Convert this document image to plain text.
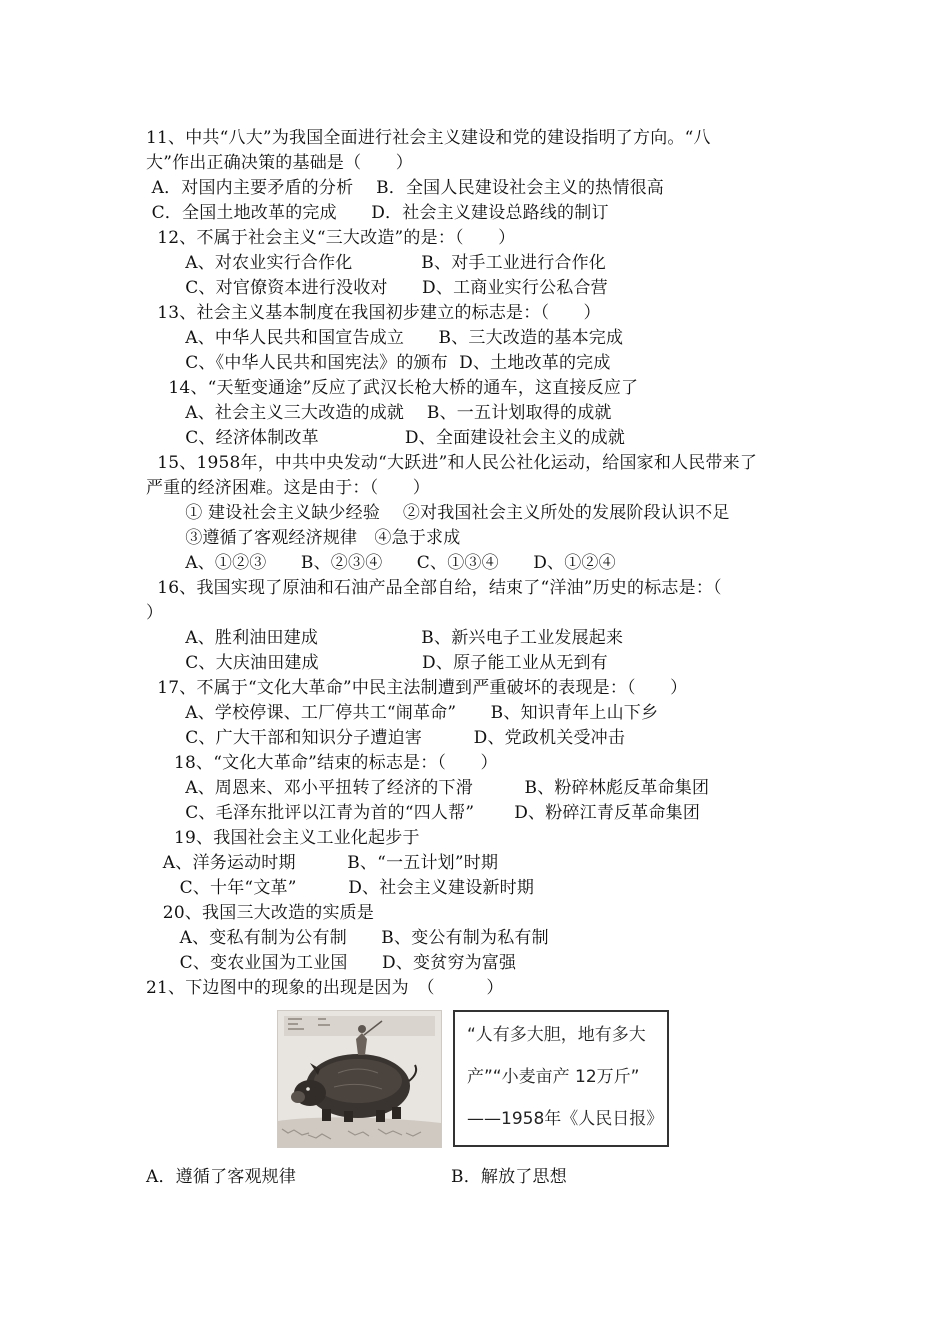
11、中共“八大”为我国全面进行社会主义建设和党的建设指明了方向。“八
大”作出正确决策的基础是（　　）
A．对国内主要矛盾的分析　 B．全国人民建设社会主义的热情很高
C．全国土地改革的完成　　D．社会主义建设总路线的制订
12、不属于社会主义“三大改造”的是：（　　）
A、对农业实行合作化　　　　B、对手工业进行合作化
C、对官僚资本进行没收对　　D、工商业实行公私合营
13、社会主义基本制度在我国初步建立的标志是：（　　）
A、中华人民共和国宣告成立　　B、三大改造的基本完成
C、《中华人民共和国宪法》的颁布  D、土地改革的完成
14、“天堑变通途”反应了武汉长枪大桥的通车，这直接反应了
A、社会主义三大改造的成就　 B、一五计划取得的成就
C、经济体制改革　　　　　D、全面建设社会主义的成就
15、1958年，中共中央发动“大跃进”和人民公社化运动，给国家和人民带来了
严重的经济困难。这是由于：（　　）
① 建设社会主义缺少经验　 ②对我国社会主义所处的发展阶段认识不足
③遵循了客观经济规律　④急于求成
A、①②③　　B、②③④　　C、①③④　　D、①②④
16、我国实现了原油和石油产品全部自给，结束了“洋油”历史的标志是：（
）
A、胜利油田建成　　　　　　B、新兴电子工业发展起来
C、大庆油田建成　　　　　　D、原子能工业从无到有
17、不属于“文化大革命”中民主法制遭到严重破坏的表现是：（　　）
A、学校停课、工厂停共工“闹革命”　　B、知识青年上山下乡
C、广大干部和知识分子遭迫害　　　D、党政机关受冲击
18、“文化大革命”结束的标志是：（　　）
A、周恩来、邓小平扭转了经济的下滑　　　B、粉碎林彪反革命集团
C、毛泽东批评以江青为首的“四人帮”　　 D、粉碎江青反革命集团
19、我国社会主义工业化起步于
A、洋务运动时期　　　B、“一五计划”时期
C、十年“文革”　　　D、社会主义建设新时期
20、我国三大改造的实质是
A、变私有制为公有制　　B、变公有制为私有制
C、变农业国为工业国　　D、变贫穷为富强
21、下边图中的现象的出现是因为　（　　　）
“人有多大胆，地有多大
产”“小麦亩产 12万斤”
——1958年《人民日报》
A．遵循了客观规律	B．解放了思想
